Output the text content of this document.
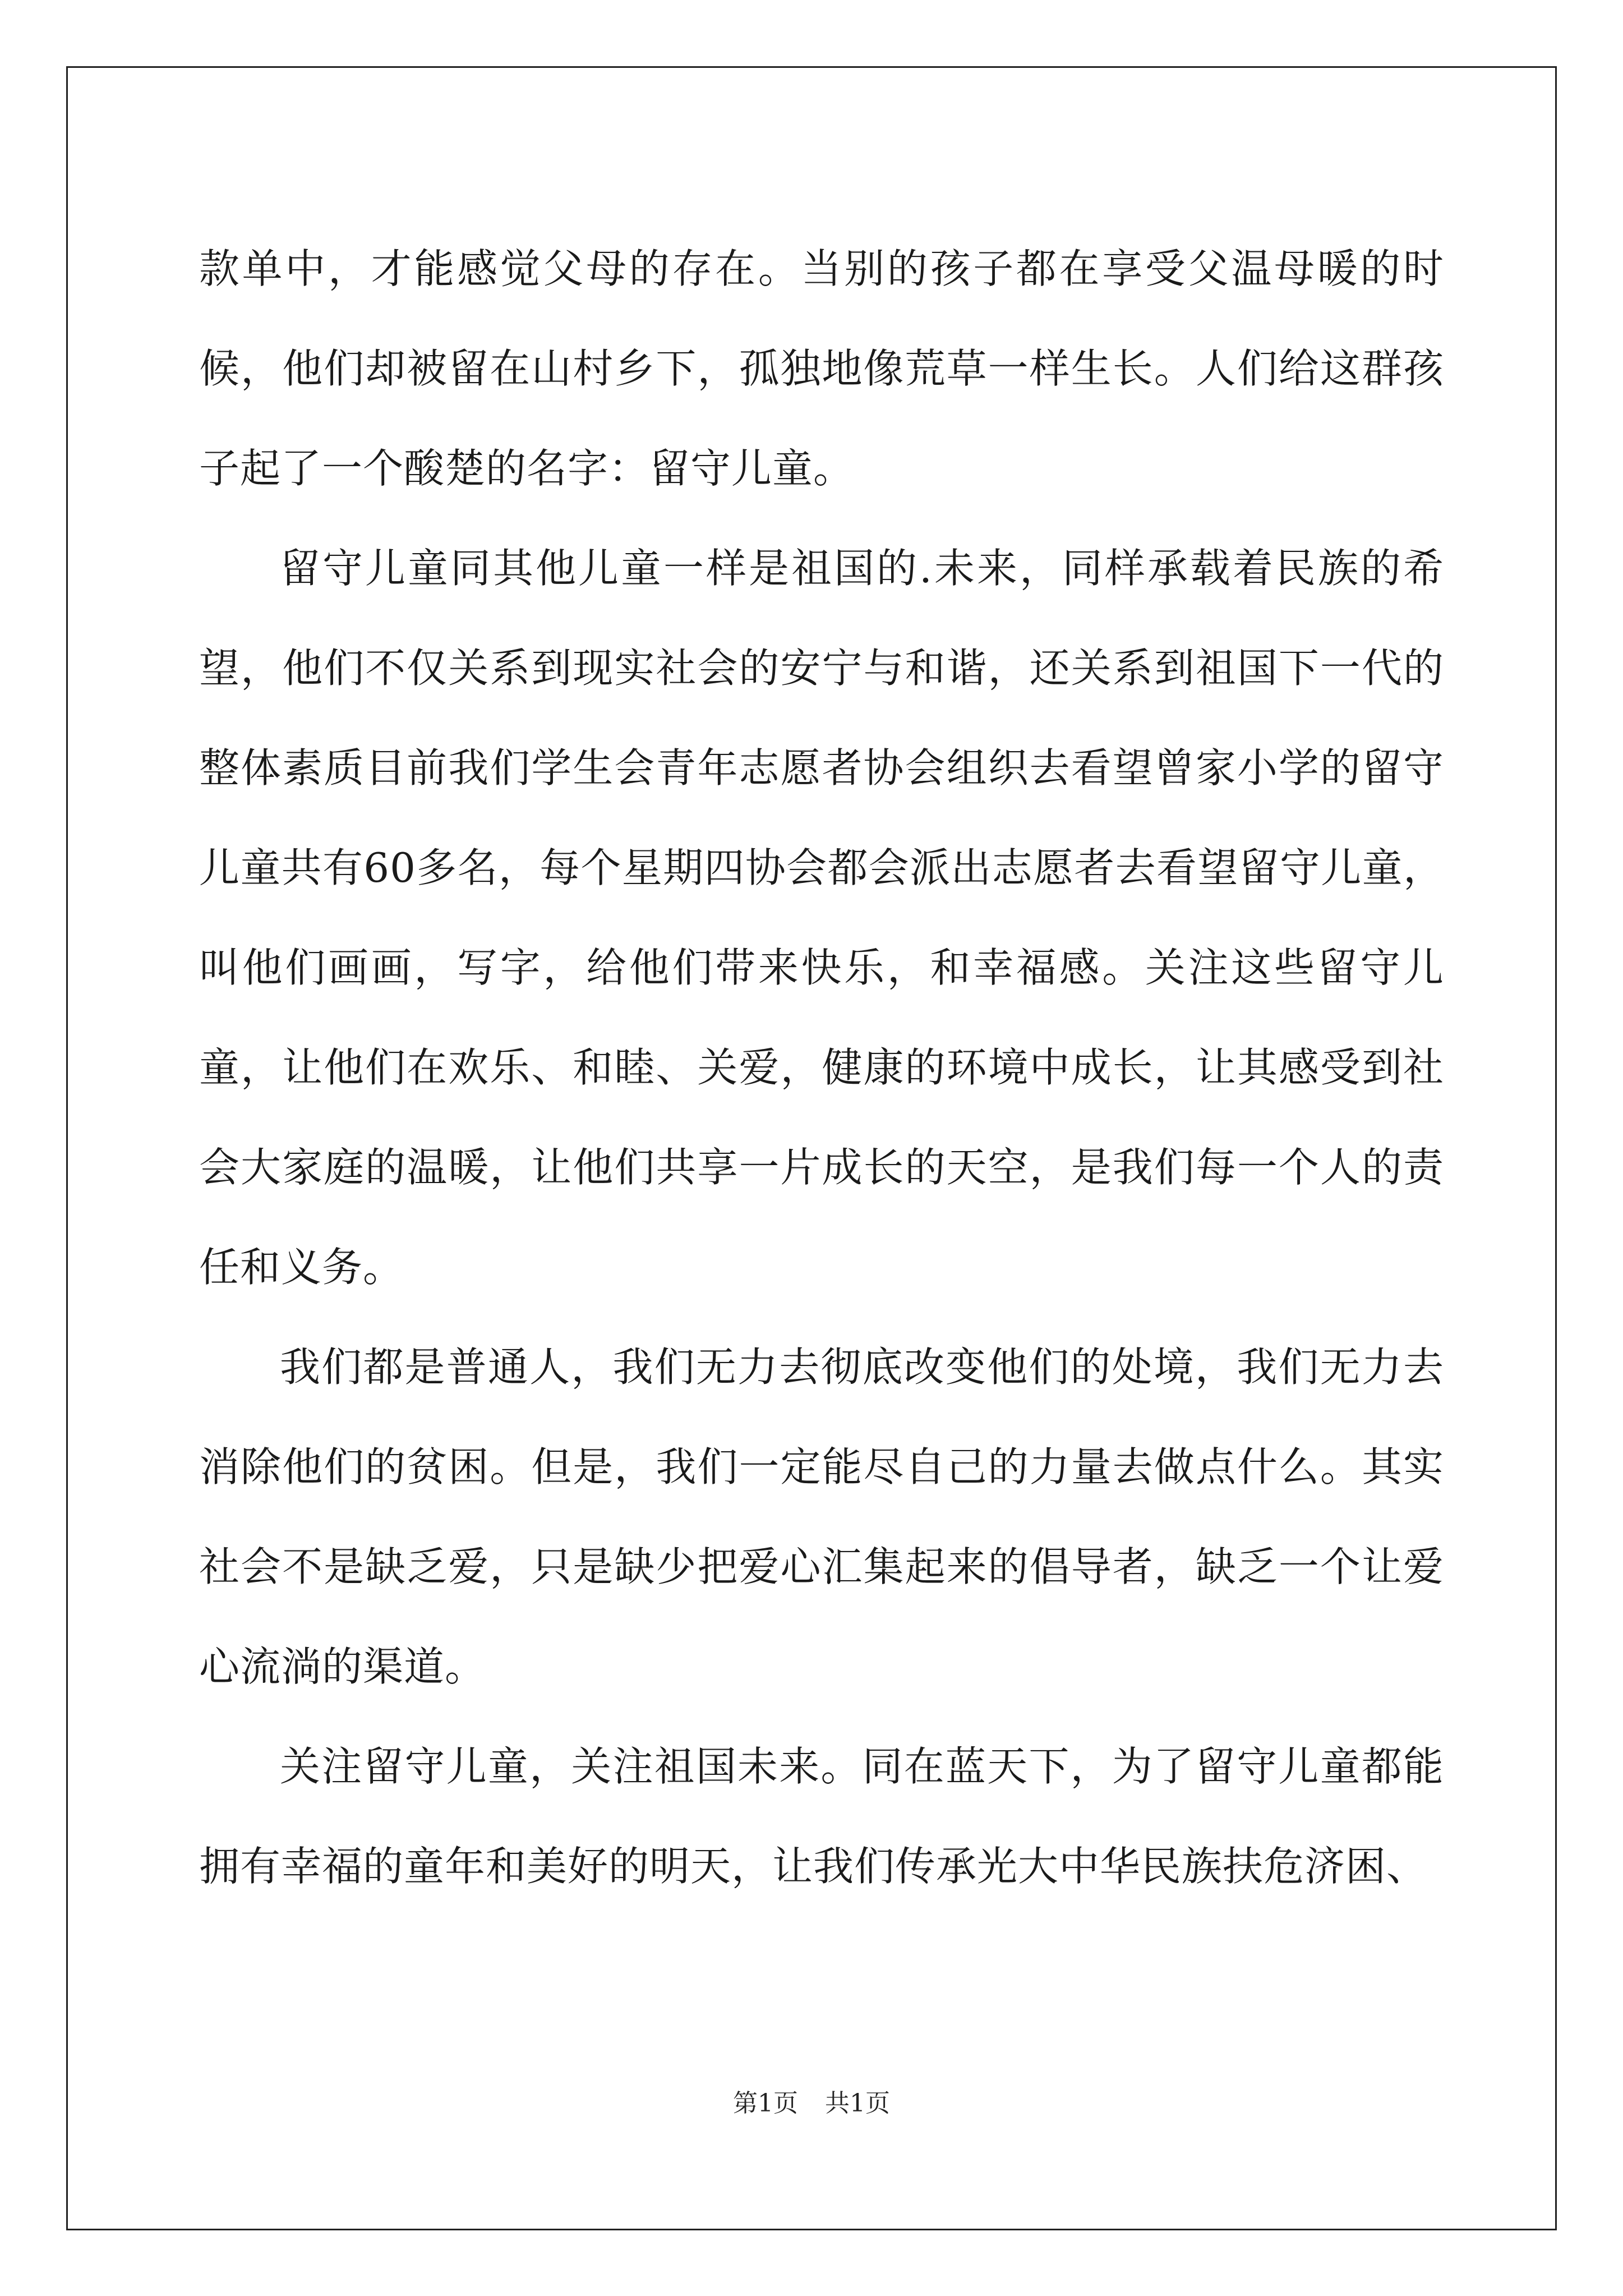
款单中，才能感觉父母的存在。当别的孩子都在享受父温母暖的时候，他们却被留在山村乡下，孤独地像荒草一样生长。人们给这群孩子起了一个酸楚的名字：留守儿童。

留守儿童同其他儿童一样是祖国的.未来，同样承载着民族的希望，他们不仅关系到现实社会的安宁与和谐，还关系到祖国下一代的整体素质目前我们学生会青年志愿者协会组织去看望曾家小学的留守儿童共有60多名，每个星期四协会都会派出志愿者去看望留守儿童，叫他们画画，写字，给他们带来快乐，和幸福感。关注这些留守儿童，让他们在欢乐、和睦、关爱，健康的环境中成长，让其感受到社会大家庭的温暖，让他们共享一片成长的天空，是我们每一个人的责任和义务。

我们都是普通人，我们无力去彻底改变他们的处境，我们无力去消除他们的贫困。但是，我们一定能尽自己的力量去做点什么。其实社会不是缺乏爱，只是缺少把爱心汇集起来的倡导者，缺乏一个让爱心流淌的渠道。

关注留守儿童，关注祖国未来。同在蓝天下，为了留守儿童都能拥有幸福的童年和美好的明天，让我们传承光大中华民族扶危济困、

第1页 共1页
